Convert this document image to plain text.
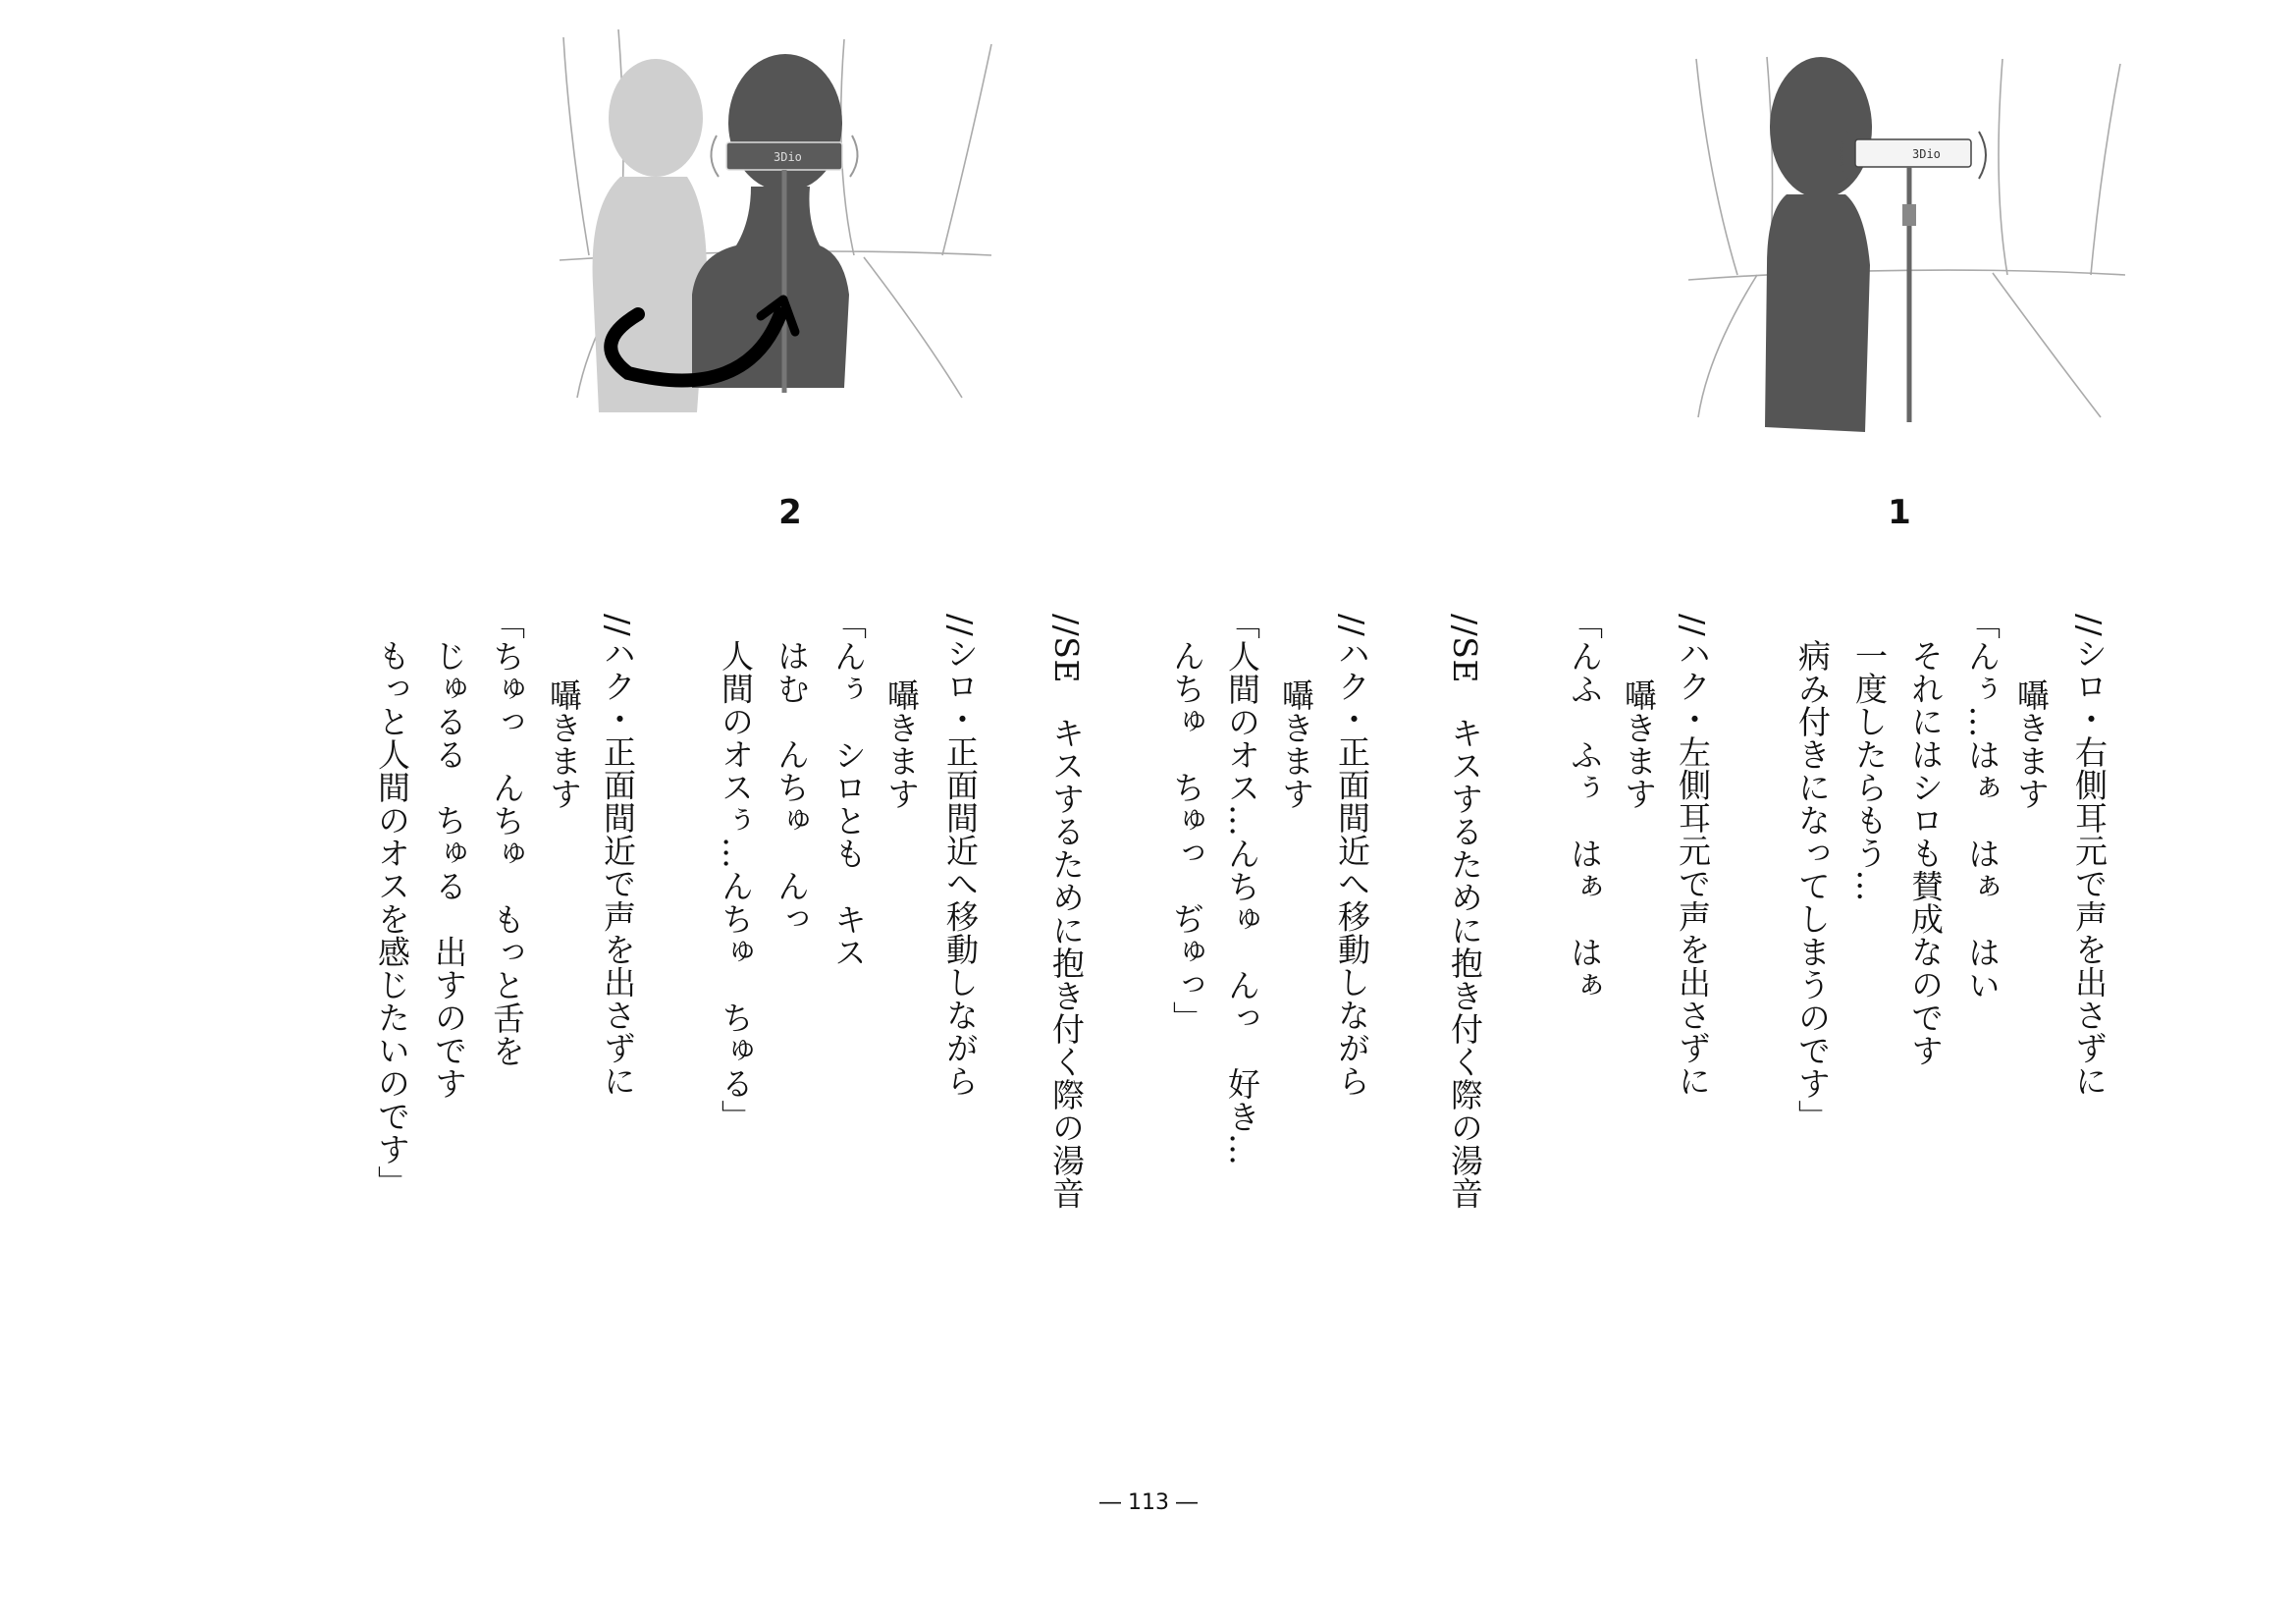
3Dio	3Dio
2	1
//シロ・右側耳元で声を出さずに
囁きます
「んぅ…はぁ　はぁ　はい
それにはシロも賛成なのです
一度したらもう…
病み付きになってしまうのです」
//ハク・左側耳元で声を出さずに
囁きます
「んふ　ふぅ　はぁ　はぁ
//SE　キスするために抱き付く際の湯音
//ハク・正面間近へ移動しながら
囁きます
「人間のオス…んちゅ　んっ　好き…
んちゅ　ちゅっ　ぢゅっ」
//SE　キスするために抱き付く際の湯音
//シロ・正面間近へ移動しながら
囁きます
「んぅ　シロとも　キス
はむ　んちゅ　んっ
人間のオスぅ…んちゅ　ちゅる」
//ハク・正面間近で声を出さずに
囁きます
「ちゅっ　んちゅ　もっと舌を
じゅるる　ちゅる　出すのです
もっと人間のオスを感じたいのです」
― 113 ―
